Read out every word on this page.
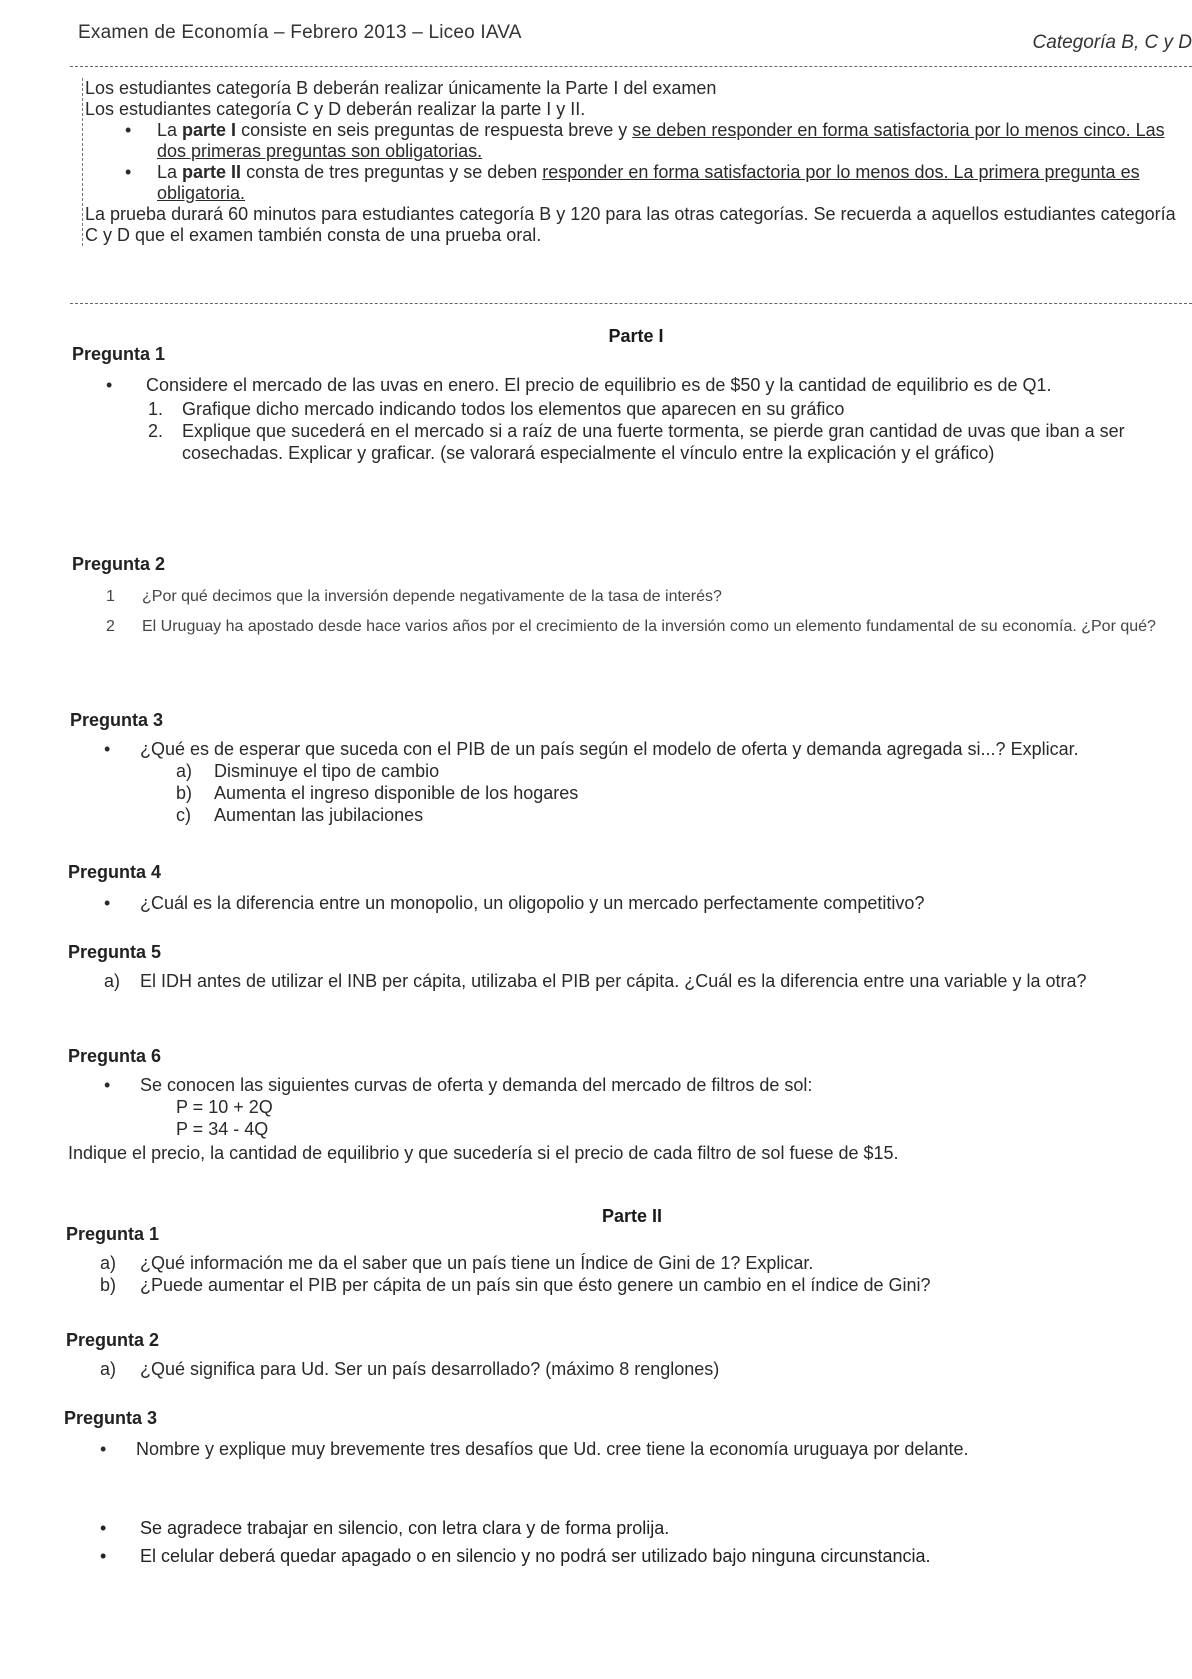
Examen de Economía – Febrero 2013 – Liceo IAVA	Categoría B, C y D

Los estudiantes categoría B deberán realizar únicamente la Parte I del examen

Los estudiantes categoría C y D deberán realizar la parte I y II.

• La parte I consiste en seis preguntas de respuesta breve y se deben responder en forma satisfactoria por lo menos cinco. Las dos primeras preguntas son obligatorias.
• La parte II consta de tres preguntas y se deben responder en forma satisfactoria por lo menos dos. La primera pregunta es obligatoria.

La prueba durará 60 minutos para estudiantes categoría B y 120 para las otras categorías. Se recuerda a aquellos estudiantes categoría C y D que el examen también consta de una prueba oral.

Parte I
Pregunta 1
• Considere el mercado de las uvas en enero. El precio de equilibrio es de $50 y la cantidad de equilibrio es de Q1.
1. Grafique dicho mercado indicando todos los elementos que aparecen en su gráfico
2. Explique que sucederá en el mercado si a raíz de una fuerte tormenta, se pierde gran cantidad de uvas que iban a ser cosechadas. Explicar y graficar. (se valorará especialmente el vínculo entre la explicación y el gráfico)
Pregunta 2
1 ¿Por qué decimos que la inversión depende negativamente de la tasa de interés?
2 El Uruguay ha apostado desde hace varios años por el crecimiento de la inversión como un elemento fundamental de su economía. ¿Por qué?
Pregunta 3
• ¿Qué es de esperar que suceda con el PIB de un país según el modelo de oferta y demanda agregada si...? Explicar.
a) Disminuye el tipo de cambio
b) Aumenta el ingreso disponible de los hogares
c) Aumentan las jubilaciones
Pregunta 4
• ¿Cuál es la diferencia entre un monopolio, un oligopolio y un mercado perfectamente competitivo?
Pregunta 5
a) El IDH antes de utilizar el INB per cápita, utilizaba el PIB per cápita. ¿Cuál es la diferencia entre una variable y la otra?
Pregunta 6
• Se conocen las siguientes curvas de oferta y demanda del mercado de filtros de sol:
P = 10 + 2Q
P = 34 - 4Q
Indique el precio, la cantidad de equilibrio y que sucedería si el precio de cada filtro de sol fuese de $15.
Parte II
Pregunta 1
a) ¿Qué información me da el saber que un país tiene un Índice de Gini de 1? Explicar.
b) ¿Puede aumentar el PIB per cápita de un país sin que ésto genere un cambio en el índice de Gini?
Pregunta 2
a) ¿Qué significa para Ud. Ser un país desarrollado? (máximo 8 renglones)
Pregunta 3
• Nombre y explique muy brevemente tres desafíos que Ud. cree tiene la economía uruguaya por delante.
• Se agradece trabajar en silencio, con letra clara y de forma prolija.
• El celular deberá quedar apagado o en silencio y no podrá ser utilizado bajo ninguna circunstancia.
